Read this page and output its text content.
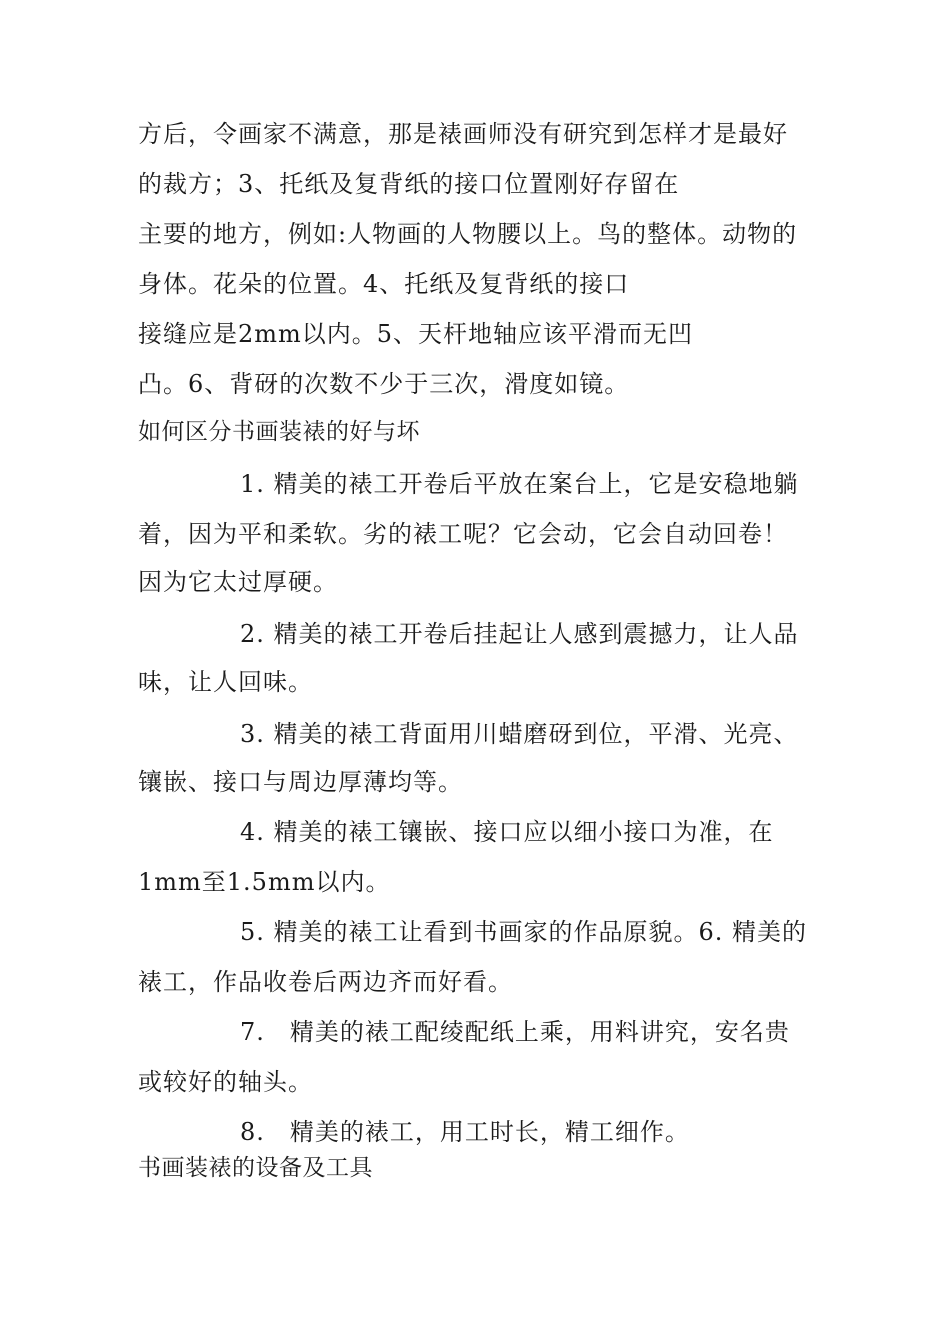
方后，令画家不满意，那是裱画师没有研究到怎样才是最好
的裁方；3、托纸及复背纸的接口位置刚好存留在
主要的地方，例如:人物画的人物腰以上。鸟的整体。动物的
身体。花朵的位置。4、托纸及复背纸的接口
接缝应是2mm以内。5、天杆地轴应该平滑而无凹
凸。6、背砑的次数不少于三次，滑度如镜。
如何区分书画装裱的好与坏
1. 精美的裱工开卷后平放在案台上，它是安稳地躺
着，因为平和柔软。劣的裱工呢？它会动，它会自动回卷！
因为它太过厚硬。
2. 精美的裱工开卷后挂起让人感到震撼力，让人品
味，让人回味。
3. 精美的裱工背面用川蜡磨砑到位，平滑、光亮、
镶嵌、接口与周边厚薄均等。
4. 精美的裱工镶嵌、接口应以细小接口为准，在
1mm至1.5mm以内。
5. 精美的裱工让看到书画家的作品原貌。6. 精美的
裱工，作品收卷后两边齐而好看。
7.　精美的裱工配绫配纸上乘，用料讲究，安名贵
或较好的轴头。
8.　精美的裱工，用工时长，精工细作。
书画装裱的设备及工具
